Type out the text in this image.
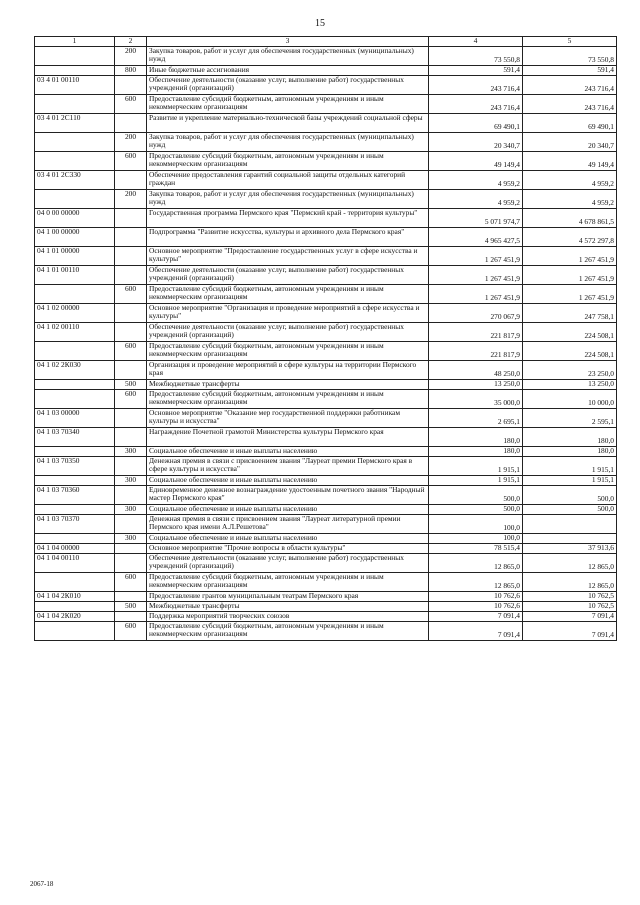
15
1	2	3	4	5
	200	Закупка товаров, работ и услуг для обеспечения государственных (муниципальных) нужд	73 550,8	73 550,8
	800	Иные бюджетные ассигнования	591,4	591,4
03 4 01 00110		Обеспечение деятельности (оказание услуг, выполнение работ) государственных учреждений (организаций)	243 716,4	243 716,4
	600	Предоставление субсидий бюджетным, автономным учреждениям и иным некоммерческим организациям	243 716,4	243 716,4
03 4 01 2С110		Развитие и укрепление материально-технической базы учреждений социальной сферы	69 490,1	69 490,1
	200	Закупка товаров, работ и услуг для обеспечения государственных (муниципальных) нужд	20 340,7	20 340,7
	600	Предоставление субсидий бюджетным, автономным учреждениям и иным некоммерческим организациям	49 149,4	49 149,4
03 4 01 2С330		Обеспечение предоставления гарантий социальной защиты отдельных категорий граждан	4 959,2	4 959,2
	200	Закупка товаров, работ и услуг для обеспечения государственных (муниципальных) нужд	4 959,2	4 959,2
04 0 00 00000		Государственная программа Пермского края "Пермский край - территория культуры"	5 071 974,7	4 678 861,5
04 1 00 00000		Подпрограмма "Развитие искусства, культуры и архивного дела Пермского края"	4 965 427,5	4 572 297,8
04 1 01 00000		Основное мероприятие "Предоставление государственных услуг в сфере искусства и культуры"	1 267 451,9	1 267 451,9
04 1 01 00110		Обеспечение деятельности (оказание услуг, выполнение работ) государственных учреждений (организаций)	1 267 451,9	1 267 451,9
	600	Предоставление субсидий бюджетным, автономным учреждениям и иным некоммерческим организациям	1 267 451,9	1 267 451,9
04 1 02 00000		Основное мероприятие "Организация и проведение мероприятий в сфере искусства и культуры"	270 067,9	247 758,1
04 1 02 00110		Обеспечение деятельности (оказание услуг, выполнение работ) государственных учреждений (организаций)	221 817,9	224 508,1
	600	Предоставление субсидий бюджетным, автономным учреждениям и иным некоммерческим организациям	221 817,9	224 508,1
04 1 02 2К030		Организация и проведение мероприятий в сфере культуры на территории Пермского края	48 250,0	23 250,0
	500	Межбюджетные трансферты	13 250,0	13 250,0
	600	Предоставление субсидий бюджетным, автономным учреждениям и иным некоммерческим организациям	35 000,0	10 000,0
04 1 03 00000		Основное мероприятие "Оказание мер государственной поддержки работникам культуры и искусства"	2 695,1	2 595,1
04 1 03 70340		Награждение Почетной грамотой Министерства культуры Пермского края	180,0	180,0
	300	Социальное обеспечение и иные выплаты населению	180,0	180,0
04 1 03 70350		Денежная премия в связи с присвоением звания "Лауреат премии Пермского края в сфере культуры и искусства"	1 915,1	1 915,1
	300	Социальное обеспечение и иные выплаты населению	1 915,1	1 915,1
04 1 03 70360		Единовременное денежное вознаграждение удостоенным почетного звания "Народный мастер Пермского края"	500,0	500,0
	300	Социальное обеспечение и иные выплаты населению	500,0	500,0
04 1 03 70370		Денежная премия в связи с присвоением звания "Лауреат литературной премии Пермского края имени А.Л.Решетова"	100,0	
	300	Социальное обеспечение и иные выплаты населению	100,0	
04 1 04 00000		Основное мероприятие "Прочие вопросы в области культуры"	78 515,4	37 913,6
04 1 04 00110		Обеспечение деятельности (оказание услуг, выполнение работ) государственных учреждений (организаций)	12 865,0	12 865,0
	600	Предоставление субсидий бюджетным, автономным учреждениям и иным некоммерческим организациям	12 865,0	12 865,0
04 1 04 2К010		Предоставление грантов муниципальным театрам Пермского края	10 762,6	10 762,5
	500	Межбюджетные трансферты	10 762,6	10 762,5
04 1 04 2К020		Поддержка мероприятий творческих союзов	7 091,4	7 091,4
	600	Предоставление субсидий бюджетным, автономным учреждениям и иным некоммерческим организациям	7 091,4	7 091,4
2067-18
